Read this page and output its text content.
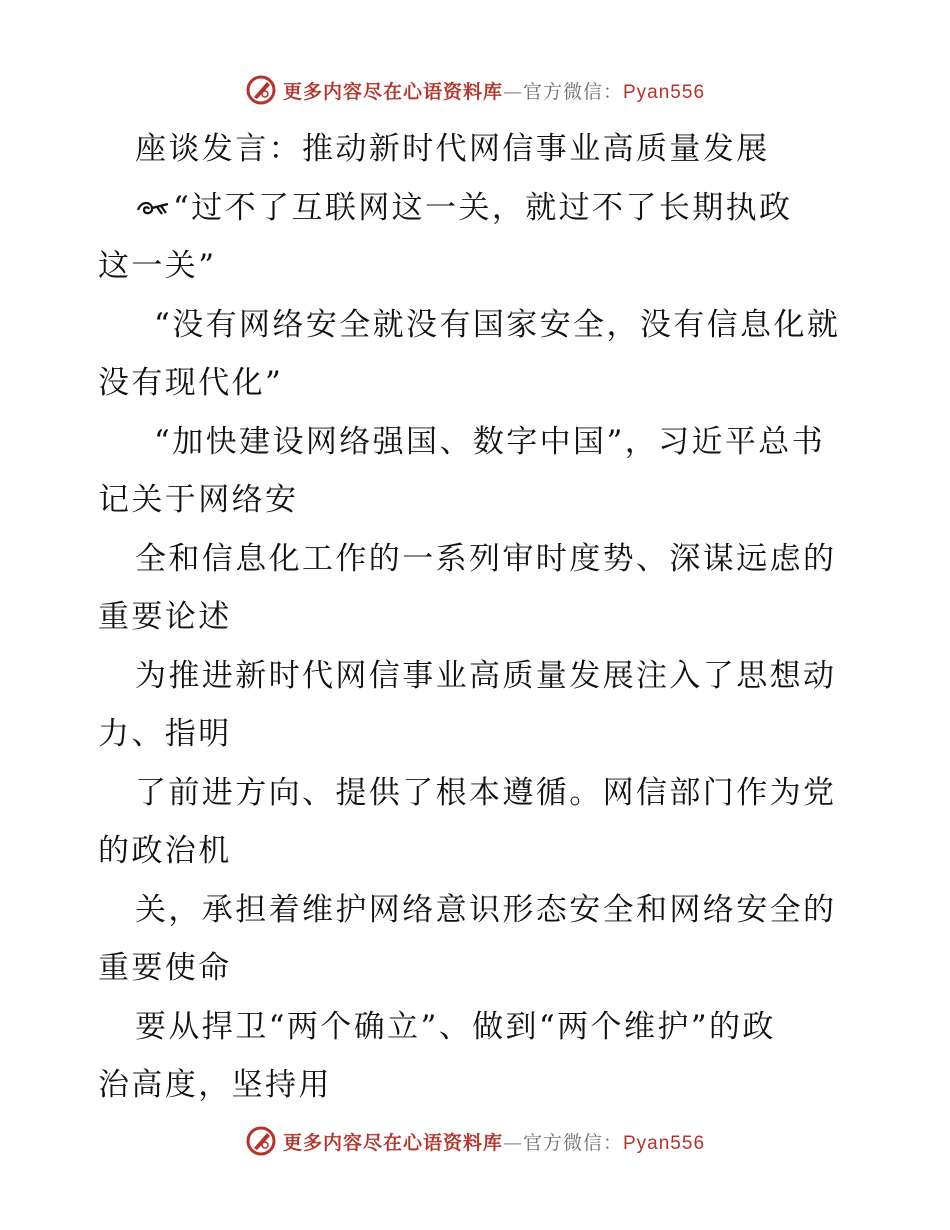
更多内容尽在心语资料库—官方微信：Pyan556
座谈发言：推动新时代网信事业高质量发展
“过不了互联网这一关，就过不了长期执政
这一关”
“没有网络安全就没有国家安全，没有信息化就
没有现代化”
“加快建设网络强国、数字中国”，习近平总书
记关于网络安
全和信息化工作的一系列审时度势、深谋远虑的
重要论述
为推进新时代网信事业高质量发展注入了思想动
力、指明
了前进方向、提供了根本遵循。网信部门作为党
的政治机
关，承担着维护网络意识形态安全和网络安全的
重要使命
要从捍卫“两个确立”、做到“两个维护”的政
治高度，坚持用
更多内容尽在心语资料库—官方微信：Pyan556
